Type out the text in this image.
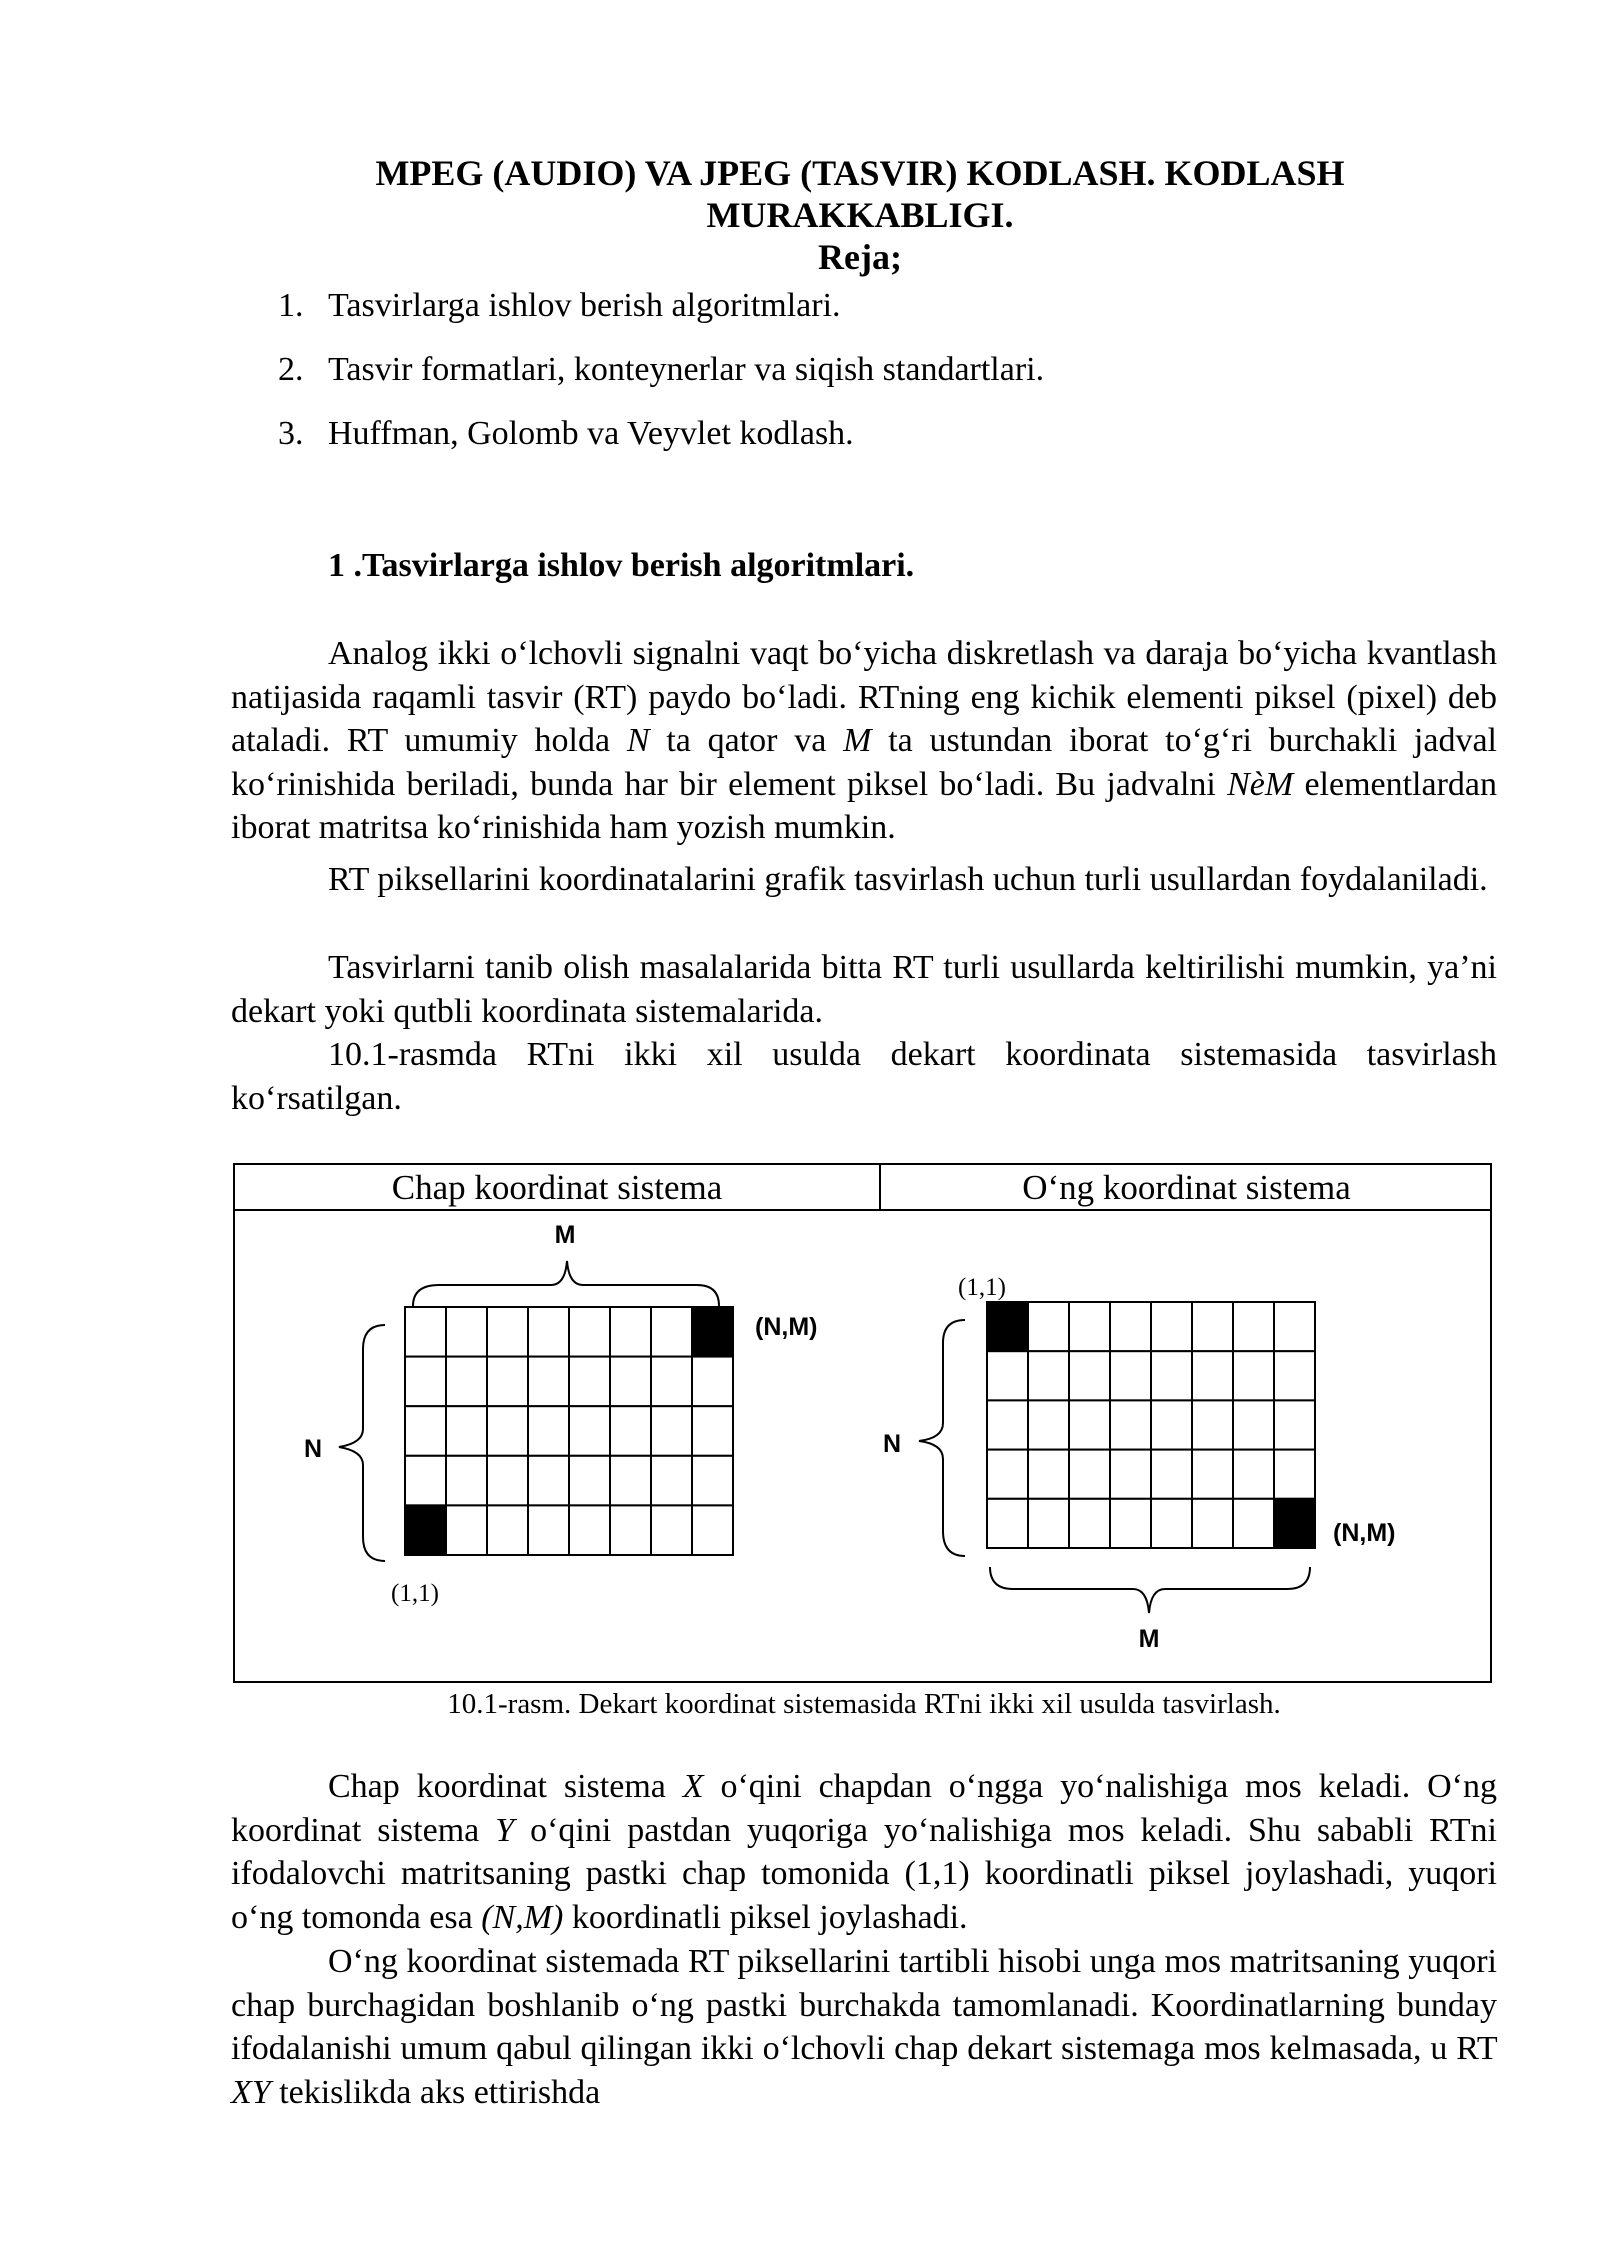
MPEG (AUDIO) VA JPEG (TASVIR) KODLASH. KODLASH
MURAKKABLIGI.
Reja;
1. Tasvirlarga ishlov berish algoritmlari.
2. Tasvir formatlari, konteynerlar va siqish standartlari.
3. Huffman, Golomb va Veyvlet kodlash.
1 .Tasvirlarga ishlov berish algoritmlari.
Analog ikki o‘lchovli signalni vaqt bo‘yicha diskretlash va daraja bo‘yicha kvantlash natijasida raqamli tasvir (RT) paydo bo‘ladi. RTning eng kichik elementi piksel (pixel) deb ataladi. RT umumiy holda N ta qator va M ta ustundan iborat to‘g‘ri burchakli jadval ko‘rinishida beriladi, bunda har bir element piksel bo‘ladi. Bu jadvalni NèM elementlardan iborat matritsa ko‘rinishida ham yozish mumkin.
RT piksellarini koordinatalarini grafik tasvirlash uchun turli usullardan foydalaniladi.
Tasvirlarni tanib olish masalalarida bitta RT turli usullarda keltirilishi mumkin, ya’ni dekart yoki qutbli koordinata sistemalarida.
10.1-rasmda RTni ikki xil usulda dekart koordinata sistemasida tasvirlash ko‘rsatilgan.
Chap koordinat sistema	O‘ng koordinat sistema
M
N
(N,M)
(1,1)
(1,1)
N
(N,M)
M
10.1-rasm. Dekart koordinat sistemasida RTni ikki xil usulda tasvirlash.
Chap koordinat sistema X o‘qini chapdan o‘ngga yo‘nalishiga mos keladi. O‘ng koordinat sistema Y o‘qini pastdan yuqoriga yo‘nalishiga mos keladi. Shu sababli RTni ifodalovchi matritsaning pastki chap tomonida (1,1) koordinatli piksel joylashadi, yuqori o‘ng tomonda esa (N,M) koordinatli piksel joylashadi.
O‘ng koordinat sistemada RT piksellarini tartibli hisobi unga mos matritsaning yuqori chap burchagidan boshlanib o‘ng pastki burchakda tamomlanadi. Koordinatlarning bunday ifodalanishi umum qabul qilingan ikki o‘lchovli chap dekart sistemaga mos kelmasada, u RT XY tekislikda aks ettirishda
